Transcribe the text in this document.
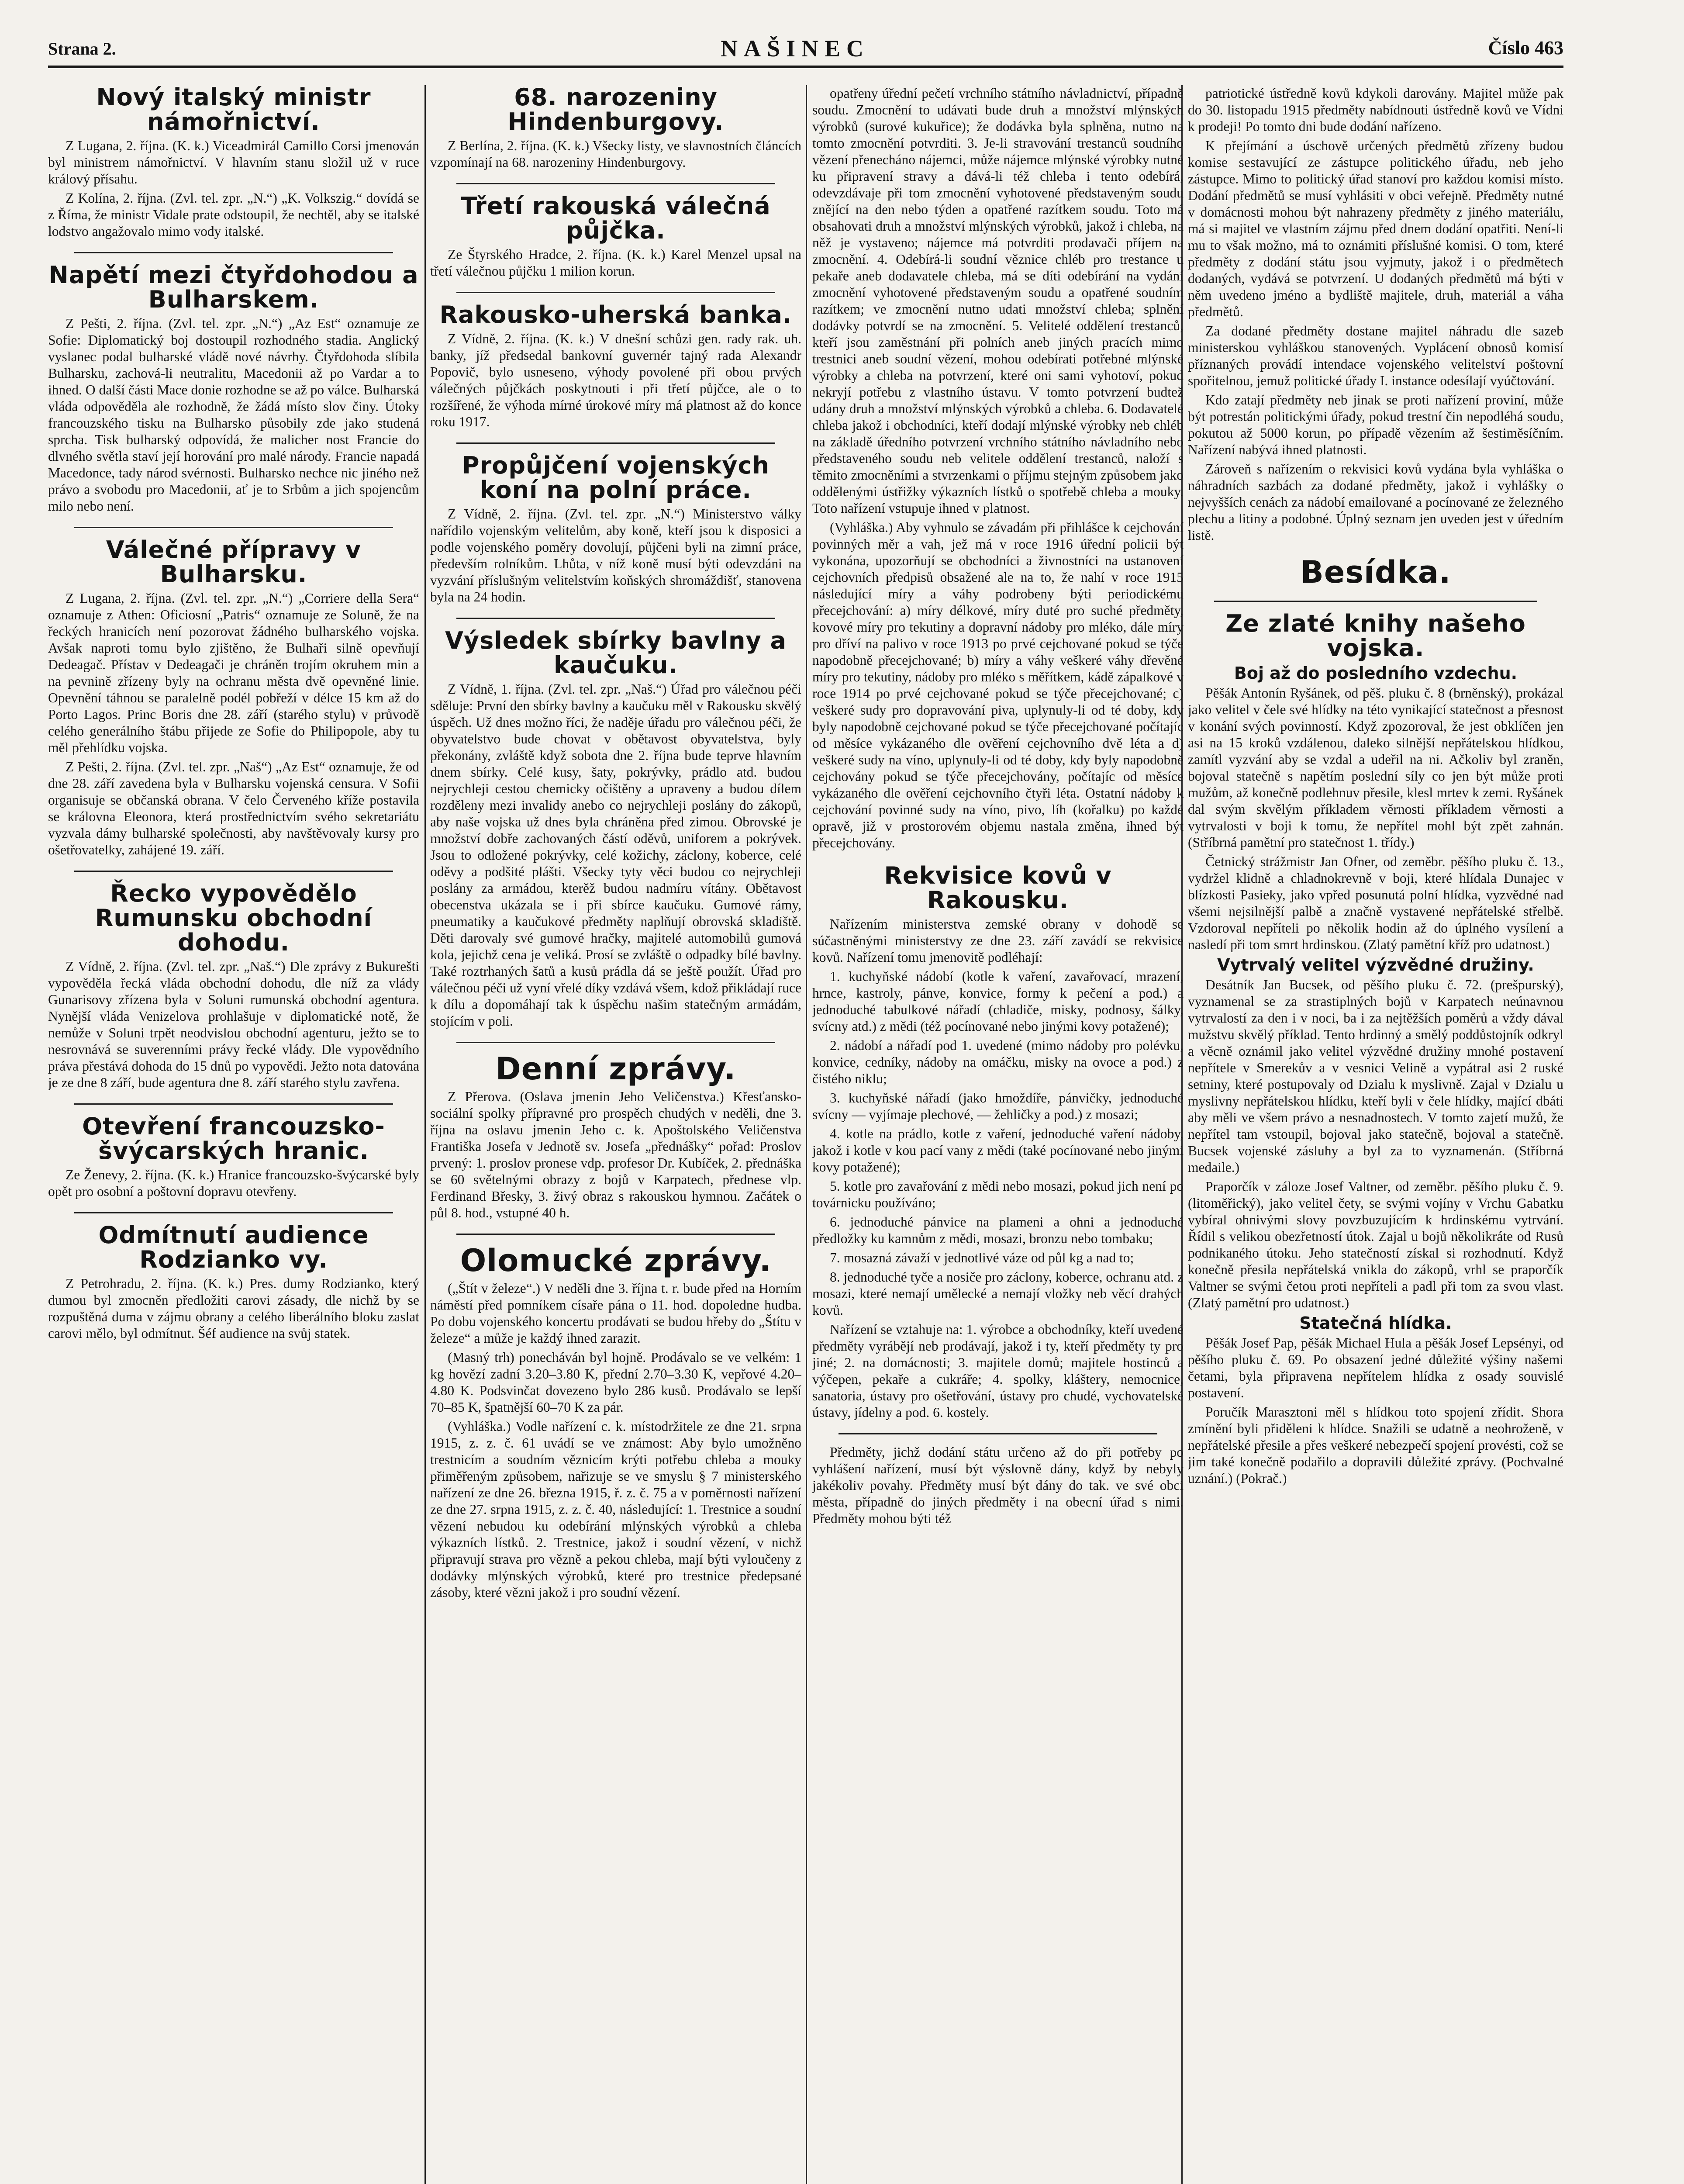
Strana 2.	NAŠINEC	Číslo 463
Nový italský ministr námořnictví.

Z Lugana, 2. října. (K. k.) Viceadmirál Camillo Corsi jmenován byl ministrem námořnictví. V hlavním stanu složil už v ruce králový přísahu.

Z Kolína, 2. října. (Zvl. tel. zpr. „N.“) „K. Volkszig.“ dovídá se z Říma, že ministr Vidale prate odstoupil, že nechtěl, aby se italské lodstvo angažovalo mimo vody italské.

Napětí mezi čtyřdohodou a Bulharskem.

Z Pešti, 2. října. (Zvl. tel. zpr. „N.“) „Az Est“ oznamuje ze Sofie: Diplomatický boj dostoupil rozhodného stadia. Anglický vyslanec podal bulharské vládě nové návrhy. Čtyřdohoda slíbila Bulharsku, zachová-li neutralitu, Macedonii až po Vardar a to ihned. O další části Mace donie rozhodne se až po válce. Bulharská vláda odpověděla ale rozhodně, že žádá místo slov činy. Útoky francouzského tisku na Bulharsko působily zde jako studená sprcha. Tisk bulharský odpovídá, že malicher nost Francie do dlvného světla staví její horování pro malé národy. Francie napadá Macedonce, tady národ svérnosti. Bulharsko nechce nic jiného než právo a svobodu pro Macedonii, ať je to Srbům a jich spojencům milo nebo není.

Válečné přípravy v Bulharsku.

Z Lugana, 2. října. (Zvl. tel. zpr. „N.“) „Corriere della Sera“ oznamuje z Athen: Oficiosní „Patris“ oznamuje ze Soluně, že na řeckých hranicích není pozorovat žádného bulharského vojska. Avšak naproti tomu bylo zjištěno, že Bulhaři silně opevňují Dedeagač. Přístav v Dedeagači je chráněn trojím okruhem min a na pevnině zřízeny byly na ochranu města dvě opevněné linie. Opevnění táhnou se paralelně podél pobřeží v délce 15 km až do Porto Lagos. Princ Boris dne 28. září (starého stylu) v průvodě celého generálního štábu přijede ze Sofie do Philipopole, aby tu měl přehlídku vojska.

Z Pešti, 2. října. (Zvl. tel. zpr. „Naš“) „Az Est“ oznamuje, že od dne 28. září zavedena byla v Bulharsku vojenská censura. V Sofii organisuje se občanská obrana. V čelo Červeného kříže postavila se královna Eleonora, která prostřednictvím svého sekretariátu vyzvala dámy bulharské společnosti, aby navštěvovaly kursy pro ošetřovatelky, zahájené 19. září.

Řecko vypovědělo Rumunsku obchodní dohodu.

Z Vídně, 2. října. (Zvl. tel. zpr. „Naš.“) Dle zprávy z Bukurešti vypověděla řecká vláda obchodní dohodu, dle níž za vlády Gunarisovy zřízena byla v Soluni rumunská obchodní agentura. Nynější vláda Venizelova prohlašuje v diplomatické notě, že nemůže v Soluni trpět neodvislou obchodní agenturu, ježto se to nesrovnává se suverenními právy řecké vlády. Dle vypovědního práva přestává dohoda do 15 dnů po vypovědi. Ježto nota datována je ze dne 8 září, bude agentura dne 8. září starého stylu zavřena.

Otevření francouzsko-švýcarských hranic.

Ze Ženevy, 2. října. (K. k.) Hranice francouzsko-švýcarské byly opět pro osobní a poštovní dopravu otevřeny.

Odmítnutí audience Rodzianko vy.

Z Petrohradu, 2. října. (K. k.) Pres. dumy Rodzianko, který dumou byl zmocněn předložiti carovi zásady, dle nichž by se rozpuštěná duma v zájmu obrany a celého liberálního bloku zaslat carovi mělo, byl odmítnut. Šéf audience na svůj statek.

68. narozeniny Hindenburgovy.

Z Berlína, 2. října. (K. k.) Všecky listy, ve slavnostních článcích vzpomínají na 68. narozeniny Hindenburgovy.

Třetí rakouská válečná půjčka.

Ze Štyrského Hradce, 2. října. (K. k.) Karel Menzel upsal na třetí válečnou půjčku 1 milion korun.

Rakousko-uherská banka.

Z Vídně, 2. října. (K. k.) V dnešní schůzi gen. rady rak. uh. banky, jíž předsedal bankovní guvernér tajný rada Alexandr Popovič, bylo usneseno, výhody povolené při obou prvých válečných půjčkách poskytnouti i při třetí půjčce, ale o to rozšířené, že výhoda mírné úrokové míry má platnost až do konce roku 1917.

Propůjčení vojenských koní na polní práce.

Z Vídně, 2. října. (Zvl. tel. zpr. „N.“) Ministerstvo války nařídilo vojenským velitelům, aby koně, kteří jsou k disposici a podle vojenského poměry dovolují, půjčeni byli na zimní práce, především rolníkům. Lhůta, v níž koně musí býti odevzdáni na vyzvání příslušným velitelstvím koňských shromáždišť, stanovena byla na 24 hodin.

Výsledek sbírky bavlny a kaučuku.

Z Vídně, 1. října. (Zvl. tel. zpr. „Naš.“) Úřad pro válečnou péči sděluje: První den sbírky bavlny a kaučuku měl v Rakousku skvělý úspěch. Už dnes možno říci, že naděje úřadu pro válečnou péči, že obyvatelstvo bude chovat v obětavost obyvatelstva, byly překonány, zvláště když sobota dne 2. října bude teprve hlavním dnem sbírky. Celé kusy, šaty, pokrývky, prádlo atd. budou nejrychleji cestou chemicky očištěny a upraveny a budou dílem rozděleny mezi invalidy anebo co nejrychleji poslány do zákopů, aby naše vojska už dnes byla chráněna před zimou. Obrovské je množství dobře zachovaných částí oděvů, uniforem a pokrývek. Jsou to odložené pokrývky, celé kožichy, záclony, koberce, celé oděvy a podšité plášti. Všecky tyty věci budou co nejrychleji poslány za armádou, kterěž budou nadmíru vítány. Obětavost obecenstva ukázala se i při sbírce kaučuku. Gumové rámy, pneumatiky a kaučukové předměty naplňují obrovská skladiště. Děti darovaly své gumové hračky, majitelé automobilů gumová kola, jejichž cena je veliká. Prosí se zvláště o odpadky bílé bavlny. Také roztrhaných šatů a kusů prádla dá se ještě použít. Úřad pro válečnou péči už vyní vřelé díky vzdává všem, kdož přikládají ruce k dílu a dopomáhají tak k úspěchu našim statečným armádám, stojícím v poli.

Denní zprávy.

Z Přerova. (Oslava jmenin Jeho Veličenstva.) Křesťansko-sociální spolky přípravné pro prospěch chudých v neděli, dne 3. října na oslavu jmenin Jeho c. k. Apoštolského Veličenstva Františka Josefa v Jednotě sv. Josefa „přednášky“ pořad: Proslov prvený: 1. proslov pronese vdp. profesor Dr. Kubíček, 2. přednáška se 60 světelnými obrazy z bojů v Karpatech, přednese vlp. Ferdinand Břesky, 3. živý obraz s rakouskou hymnou. Začátek o půl 8. hod., vstupné 40 h.

Olomucké zprávy.

(„Štít v železe“.) V neděli dne 3. října t. r. bude před na Horním náměstí před pomníkem císaře pána o 11. hod. dopoledne hudba. Po dobu vojenského koncertu prodávati se budou hřeby do „Štítu v železe“ a může je každý ihned zarazit.

(Masný trh) ponecháván byl hojně. Prodávalo se ve velkém: 1 kg hovězí zadní 3.20–3.80 K, přední 2.70–3.30 K, vepřové 4.20–4.80 K. Podsvinčat dovezeno bylo 286 kusů. Prodávalo se lepší 70–85 K, špatnější 60–70 K za pár.

(Vyhláška.) Vodle nařízení c. k. místodržitele ze dne 21. srpna 1915, z. z. č. 61 uvádí se ve známost: Aby bylo umožněno trestnicím a soudním věznicím krýti potřebu chleba a mouky přiměřeným způsobem, nařizuje se ve smyslu § 7 ministerského nařízení ze dne 26. března 1915, ř. z. č. 75 a v poměrnosti nařízení ze dne 27. srpna 1915, z. z. č. 40, následující: 1. Trestnice a soudní vězení nebudou ku odebírání mlýnských výrobků a chleba výkazních lístků. 2. Trestnice, jakož i soudní vězení, v nichž připravují strava pro vězně a pekou chleba, mají býti vyloučeny z dodávky mlýnských výrobků, které pro trestnice předepsané zásoby, které vězni jakož i pro soudní vězení.

opatřeny úřední pečetí vrchního státního návladnictví, případně soudu. Zmocnění to udávati bude druh a množství mlýnských výrobků (surové kukuřice); že dodávka byla splněna, nutno na tomto zmocnění potvrditi. 3. Je-li stravování trestanců soudního vězení přenecháno nájemci, může nájemce mlýnské výrobky nutné ku připravení stravy a dává-li též chleba i tento odebírá, odevzdávaje při tom zmocnění vyhotovené představeným soudu znějící na den nebo týden a opatřené razítkem soudu. Toto má obsahovati druh a množství mlýnských výrobků, jakož i chleba, na něž je vystaveno; nájemce má potvrditi prodavači příjem na zmocnění. 4. Odebírá-li soudní věznice chléb pro trestance u pekaře aneb dodavatele chleba, má se díti odebírání na vydání zmocnění vyhotovené představeným soudu a opatřené soudním razítkem; ve zmocnění nutno udati množství chleba; splnění dodávky potvrdí se na zmocnění. 5. Velitelé oddělení trestanců, kteří jsou zaměstnání při polních aneb jiných pracích mimo trestnici aneb soudní vězení, mohou odebírati potřebné mlýnské výrobky a chleba na potvrzení, které oni sami vyhotoví, pokud nekryjí potřebu z vlastního ústavu. V tomto potvrzení budtež udány druh a množství mlýnských výrobků a chleba. 6. Dodavatelé chleba jakož i obchodníci, kteří dodají mlýnské výrobky neb chléb na základě úředního potvrzení vrchního státního návladního nebo představeného soudu neb velitele oddělení trestanců, naloží s těmito zmocněními a stvrzenkami o příjmu stejným způsobem jako oddělenými ústřižky výkazních lístků o spotřebě chleba a mouky. Toto nařízení vstupuje ihned v platnost.

(Vyhláška.) Aby vyhnulo se závadám při přihlášce k cejchování povinných měr a vah, jež má v roce 1916 úřední policii být vykonána, upozorňují se obchodníci a živnostníci na ustanovení cejchovních předpisů obsažené ale na to, že nahí v roce 1915 následující míry a váhy podrobeny býti periodickému přecejchování: a) míry délkové, míry duté pro suché předměty, kovové míry pro tekutiny a dopravní nádoby pro mléko, dále míry pro dříví na palivo v roce 1913 po prvé cejchované pokud se týče napodobně přecejchované; b) míry a váhy veškeré váhy dřevěné míry pro tekutiny, nádoby pro mléko s měřítkem, kádě zápalkové v roce 1914 po prvé cejchované pokud se týče přecejchované; c) veškeré sudy pro dopravování piva, uplynuly-li od té doby, kdy byly napodobně cejchované pokud se týče přecejchované počítajíc od měsíce vykázaného dle ověření cejchovního dvě léta a d) veškeré sudy na víno, uplynuly-li od té doby, kdy byly napodobně cejchovány pokud se týče přecejchovány, počítajíc od měsíce vykázaného dle ověření cejchovního čtyři léta. Ostatní nádoby k cejchování povinné sudy na víno, pivo, líh (kořalku) po každé opravě, již v prostorovém objemu nastala změna, ihned být přecejchovány.

Rekvisice kovů v Rakousku.

Nařízením ministerstva zemské obrany v dohodě se súčastněnými ministerstvy ze dne 23. září zavádí se rekvisice kovů. Nařízení tomu jmenovitě podléhají:

1. kuchyňské nádobí (kotle k vaření, zavařovací, mrazení, hrnce, kastroly, pánve, konvice, formy k pečení a pod.) a jednoduché tabulkové nářadí (chladiče, misky, podnosy, šálky, svícny atd.) z mědi (též pocínované nebo jinými kovy potažené);

2. nádobí a nářadí pod 1. uvedené (mimo nádoby pro polévku, konvice, cedníky, nádoby na omáčku, misky na ovoce a pod.) z čistého niklu;

3. kuchyňské nářadí (jako hmoždíře, pánvičky, jednoduché svícny — vyjímaje plechové, — žehličky a pod.) z mosazi;

4. kotle na prádlo, kotle z vaření, jednoduché vaření nádoby, jakož i kotle v kou pací vany z mědi (také pocínované nebo jinými kovy potažené);

5. kotle pro zavařování z mědi nebo mosazi, pokud jich není po továrnicku používáno;

6. jednoduché pánvice na plameni a ohni a jednoduché předložky ku kamnům z mědi, mosazi, bronzu nebo tombaku;

7. mosazná závaží v jednotlivé váze od půl kg a nad to;

8. jednoduché tyče a nosiče pro záclony, koberce, ochranu atd. z mosazi, které nemají umělecké a nemají vložky neb věcí drahých kovů.

Nařízení se vztahuje na: 1. výrobce a obchodníky, kteří uvedené předměty vyrábějí neb prodávají, jakož i ty, kteří předměty ty pro jiné; 2. na domácnosti; 3. majitele domů; majitele hostinců a výčepen, pekaře a cukráře; 4. spolky, kláštery, nemocnice, sanatoria, ústavy pro ošetřování, ústavy pro chudé, vychovatelské ústavy, jídelny a pod. 6. kostely.

Předměty, jichž dodání státu určeno až do při potřeby po vyhlášení nařízení, musí být výslovně dány, když by nebyly jakékoliv povahy. Předměty musí být dány do tak. ve své obci města, případně do jiných předměty i na obecní úřad s nimi. Předměty mohou býti též

patriotické ústředně kovů kdykoli darovány. Majitel může pak do 30. listopadu 1915 předměty nabídnouti ústředně kovů ve Vídni k prodeji! Po tomto dni bude dodání nařízeno.

K přejímání a úschově určených předmětů zřízeny budou komise sestavující ze zástupce politického úřadu, neb jeho zástupce. Mimo to politický úřad stanoví pro každou komisi místo. Dodání předmětů se musí vyhlásiti v obci veřejně. Předměty nutné v domácnosti mohou být nahrazeny předměty z jiného materiálu, má si majitel ve vlastním zájmu před dnem dodání opatřiti. Není-li mu to však možno, má to oznámiti příslušné komisi. O tom, které předměty z dodání státu jsou vyjmuty, jakož i o předmětech dodaných, vydává se potvrzení. U dodaných předmětů má býti v něm uvedeno jméno a bydliště majitele, druh, materiál a váha předmětů.

Za dodané předměty dostane majitel náhradu dle sazeb ministerskou vyhláškou stanovených. Vyplácení obnosů komisí příznaných provádí intendace vojenského velitelství poštovní spořitelnou, jemuž politické úřady I. instance odesílají vyúčtování.

Kdo zatají předměty neb jinak se proti nařízení proviní, může být potrestán politickými úřady, pokud trestní čin nepodléhá soudu, pokutou až 5000 korun, po případě vězením až šestiměsíčním. Nařízení nabývá ihned platnosti.

Zároveň s nařízením o rekvisici kovů vydána byla vyhláška o náhradních sazbách za dodané předměty, jakož i vyhlášky o nejvyšších cenách za nádobí emailované a pocínované ze železného plechu a litiny a podobné. Úplný seznam jen uveden jest v úředním listě.

Besídka.
Ze zlaté knihy našeho vojska.
Boj až do posledního vzdechu.

Pěšák Antonín Ryšánek, od pěš. pluku č. 8 (brněnský), prokázal jako velitel v čele své hlídky na této vynikající statečnost a přesnost v konání svých povinností. Když zpozoroval, že jest obklíčen jen asi na 15 kroků vzdálenou, daleko silnější nepřátelskou hlídkou, zamítl vyzvání aby se vzdal a udeřil na ni. Ačkoliv byl zraněn, bojoval statečně s napětím poslední síly co jen být může proti mužům, až konečně podlehnuv přesile, klesl mrtev k zemi. Ryšánek dal svým skvělým příkladem věrnosti příkladem věrnosti a vytrvalosti v boji k tomu, že nepřítel mohl být zpět zahnán. (Stříbrná pamětní pro statečnost 1. třídy.)

Četnický strážmistr Jan Ofner, od zeměbr. pěšího pluku č. 13., vydržel klidně a chladnokrevně v boji, které hlídala Dunajec v blízkosti Pasieky, jako vpřed posunutá polní hlídka, vyzvědné nad všemi nejsilnější palbě a značně vystavené nepřátelské střelbě. Vzdoroval nepříteli po několik hodin až do úplného vysílení a nasledí při tom smrt hrdinskou. (Zlatý pamětní kříž pro udatnost.)

Vytrvalý velitel výzvědné družiny.

Desátník Jan Bucsek, od pěšího pluku č. 72. (prešpurský), vyznamenal se za strastiplných bojů v Karpatech neúnavnou vytrvalostí za den i v noci, ba i za nejtěžších poměrů a vždy dával mužstvu skvělý příklad. Tento hrdinný a smělý poddůstojník odkryl a věcně oznámil jako velitel výzvědné družiny mnohé postavení nepřítele v Smerekův a v vesnici Velině a vypátral asi 2 ruské setniny, které postupovaly od Dzialu k myslivně. Zajal v Dzialu u myslivny nepřátelskou hlídku, kteří byli v čele hlídky, mající dbáti aby měli ve všem právo a nesnadnostech. V tomto zajetí mužů, že nepřítel tam vstoupil, bojoval jako statečně, bojoval a statečně. Bucsek vojenské zásluhy a byl za to vyznamenán. (Stříbrná medaile.)

Praporčík v záloze Josef Valtner, od zeměbr. pěšího pluku č. 9. (litoměřický), jako velitel čety, se svými vojíny v Vrchu Gabatku vybíral ohnivými slovy povzbuzujícím k hrdinskému vytrvání. Řídil s velikou obezřetností útok. Zajal u bojů několikráte od Rusů podnikaného útoku. Jeho statečností získal si rozhodnutí. Když konečně přesila nepřátelská vnikla do zákopů, vrhl se praporčík Valtner se svými četou proti nepříteli a padl při tom za svou vlast. (Zlatý pamětní pro udatnost.)

Statečná hlídka.

Pěšák Josef Pap, pěšák Michael Hula a pěšák Josef Lepsényi, od pěšího pluku č. 69. Po obsazení jedné důležité výšiny našemi četami, byla připravena nepřítelem hlídka z osady souvislé postavení.

Poručík Marasztoni měl s hlídkou toto spojení zřídit. Shora zmínění byli přiděleni k hlídce. Snažili se udatně a neohroženě, v nepřátelské přesile a přes veškeré nebezpečí spojení provésti, což se jim také konečně podařilo a dopravili důležité zprávy. (Pochvalné uznání.) (Pokrač.)
